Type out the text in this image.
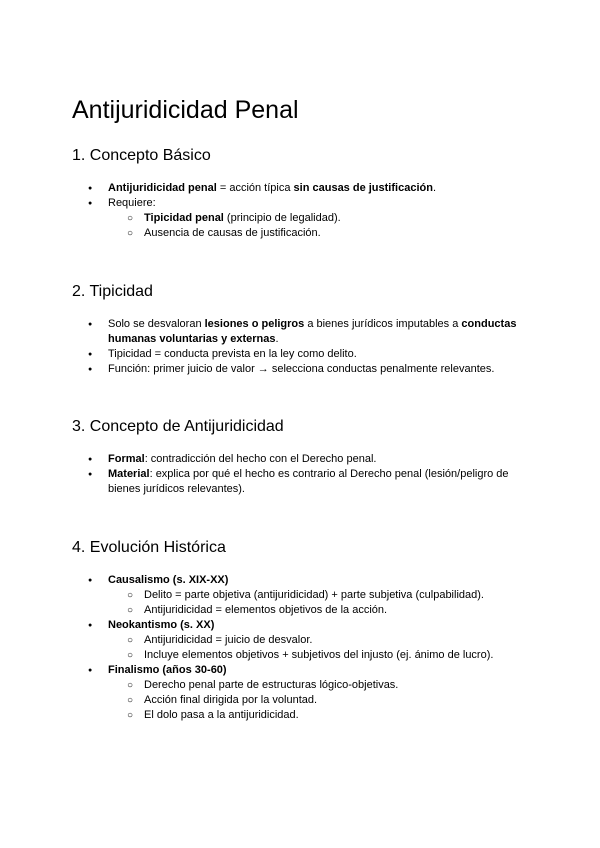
Antijuridicidad Penal
1. Concepto Básico
● Antijuridicidad penal = acción típica sin causas de justificación.
● Requiere:
○ Tipicidad penal (principio de legalidad).
○ Ausencia de causas de justificación.
2. Tipicidad
● Solo se desvaloran lesiones o peligros a bienes jurídicos imputables a conductas humanas voluntarias y externas.
● Tipicidad = conducta prevista en la ley como delito.
● Función: primer juicio de valor → selecciona conductas penalmente relevantes.
3. Concepto de Antijuridicidad
● Formal: contradicción del hecho con el Derecho penal.
● Material: explica por qué el hecho es contrario al Derecho penal (lesión/peligro de bienes jurídicos relevantes).
4. Evolución Histórica
● Causalismo (s. XIX-XX)
○ Delito = parte objetiva (antijuridicidad) + parte subjetiva (culpabilidad).
○ Antijuridicidad = elementos objetivos de la acción.
● Neokantismo (s. XX)
○ Antijuridicidad = juicio de desvalor.
○ Incluye elementos objetivos + subjetivos del injusto (ej. ánimo de lucro).
● Finalismo (años 30-60)
○ Derecho penal parte de estructuras lógico-objetivas.
○ Acción final dirigida por la voluntad.
○ El dolo pasa a la antijuridicidad.
